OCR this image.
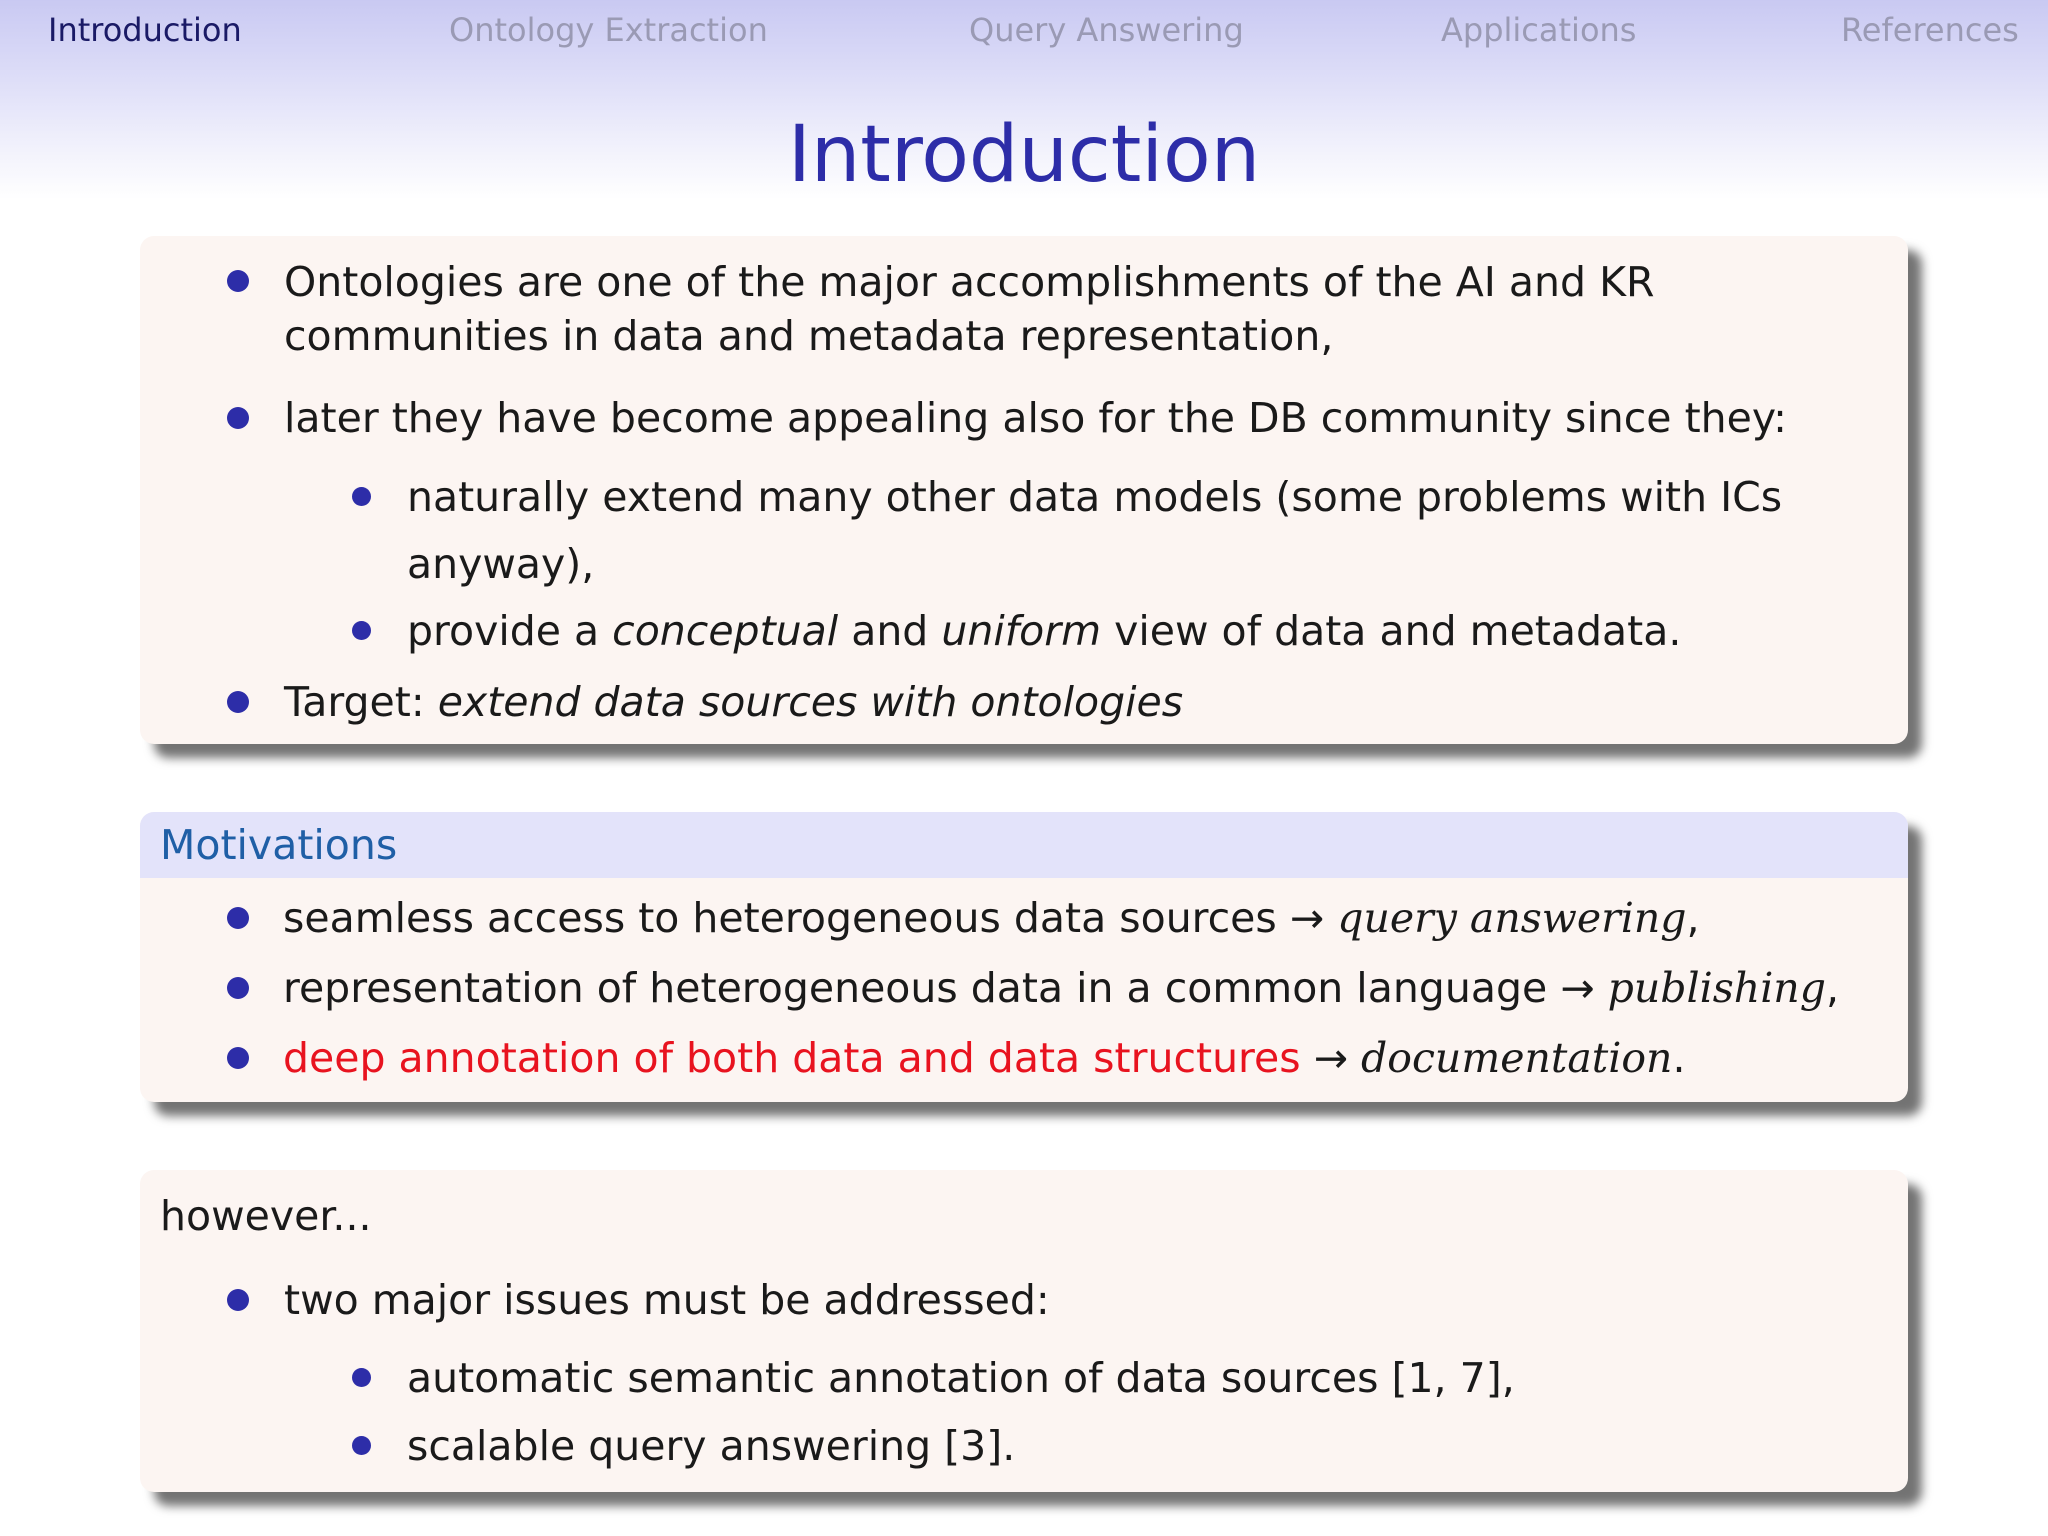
Introduction	Ontology Extraction	Query Answering	Applications	References
Introduction
Ontologies are one of the major accomplishments of the AI and KR
communities in data and metadata representation,
later they have become appealing also for the DB community since they:
naturally extend many other data models (some problems with ICs
anyway),
provide a conceptual and uniform view of data and metadata.
Target: extend data sources with ontologies
Motivations
seamless access to heterogeneous data sources → query answering,
representation of heterogeneous data in a common language → publishing,
deep annotation of both data and data structures → documentation.
however...
two major issues must be addressed:
automatic semantic annotation of data sources [1, 7],
scalable query answering [3].
